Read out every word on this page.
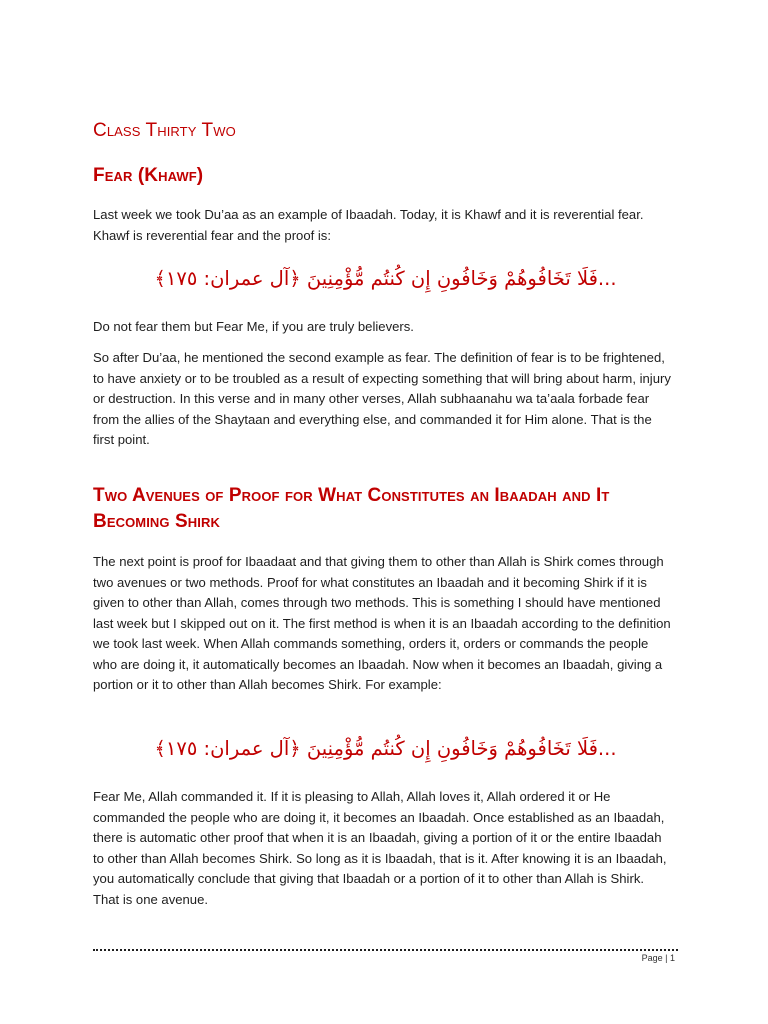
Class Thirty Two
Fear (Khawf)

Last week we took Du’aa as an example of Ibaadah. Today, it is Khawf and it is reverential fear. Khawf is reverential fear and the proof is:

...فَلَا تَخَافُوهُمْ وَخَافُونِ إِن كُنتُم مُّؤْمِنِينَ ﴿آل عمران: ١٧٥﴾

Do not fear them but Fear Me, if you are truly believers.

So after Du’aa, he mentioned the second example as fear. The definition of fear is to be frightened, to have anxiety or to be troubled as a result of expecting something that will bring about harm, injury or destruction. In this verse and in many other verses, Allah subhaanahu wa ta’aala forbade fear from the allies of the Shaytaan and everything else, and commanded it for Him alone. That is the first point.

Two Avenues of Proof for What Constitutes an Ibaadah and It Becoming Shirk

The next point is proof for Ibaadaat and that giving them to other than Allah is Shirk comes through two avenues or two methods. Proof for what constitutes an Ibaadah and it becoming Shirk if it is given to other than Allah, comes through two methods. This is something I should have mentioned last week but I skipped out on it. The first method is when it is an Ibaadah according to the definition we took last week. When Allah commands something, orders it, orders or commands the people who are doing it, it automatically becomes an Ibaadah. Now when it becomes an Ibaadah, giving a portion or it to other than Allah becomes Shirk. For example:

...فَلَا تَخَافُوهُمْ وَخَافُونِ إِن كُنتُم مُّؤْمِنِينَ ﴿آل عمران: ١٧٥﴾

Fear Me, Allah commanded it. If it is pleasing to Allah, Allah loves it, Allah ordered it or He commanded the people who are doing it, it becomes an Ibaadah. Once established as an Ibaadah, there is automatic other proof that when it is an Ibaadah, giving a portion of it or the entire Ibaadah to other than Allah becomes Shirk. So long as it is Ibaadah, that is it. After knowing it is an Ibaadah, you automatically conclude that giving that Ibaadah or a portion of it to other than Allah is Shirk. That is one avenue.

Page | 1
